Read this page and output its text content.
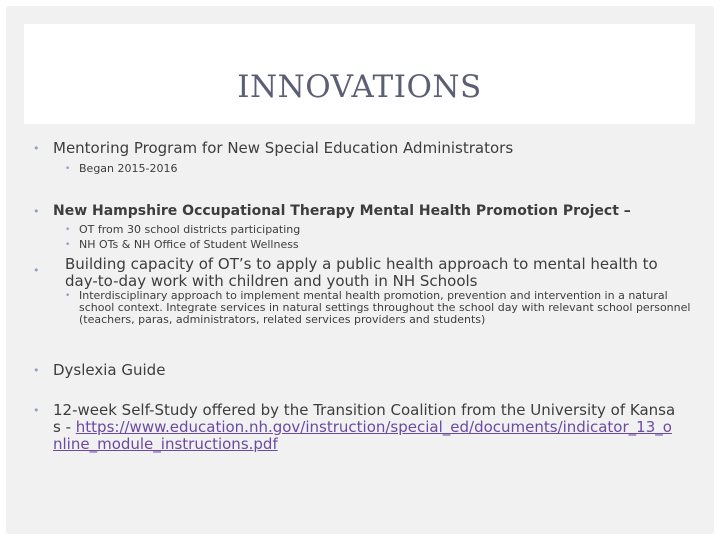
INNOVATIONS
• Mentoring Program for New Special Education Administrators
• Began 2015-2016
• New Hampshire Occupational Therapy Mental Health Promotion Project –
• OT from 30 school districts participating
• NH OTs & NH Office of Student Wellness
• Building capacity of OT’s to apply a public health approach to mental health to day-to-day work with children and youth in NH Schools
• Interdisciplinary approach to implement mental health promotion, prevention and intervention in a natural school context. Integrate services in natural settings throughout the school day with relevant school personnel (teachers, paras, administrators, related services providers and students)
• Dyslexia Guide
• 12-week Self-Study offered by the Transition Coalition from the University of Kansas - https://www.education.nh.gov/instruction/special_ed/documents/indicator_13_online_module_instructions.pdf
